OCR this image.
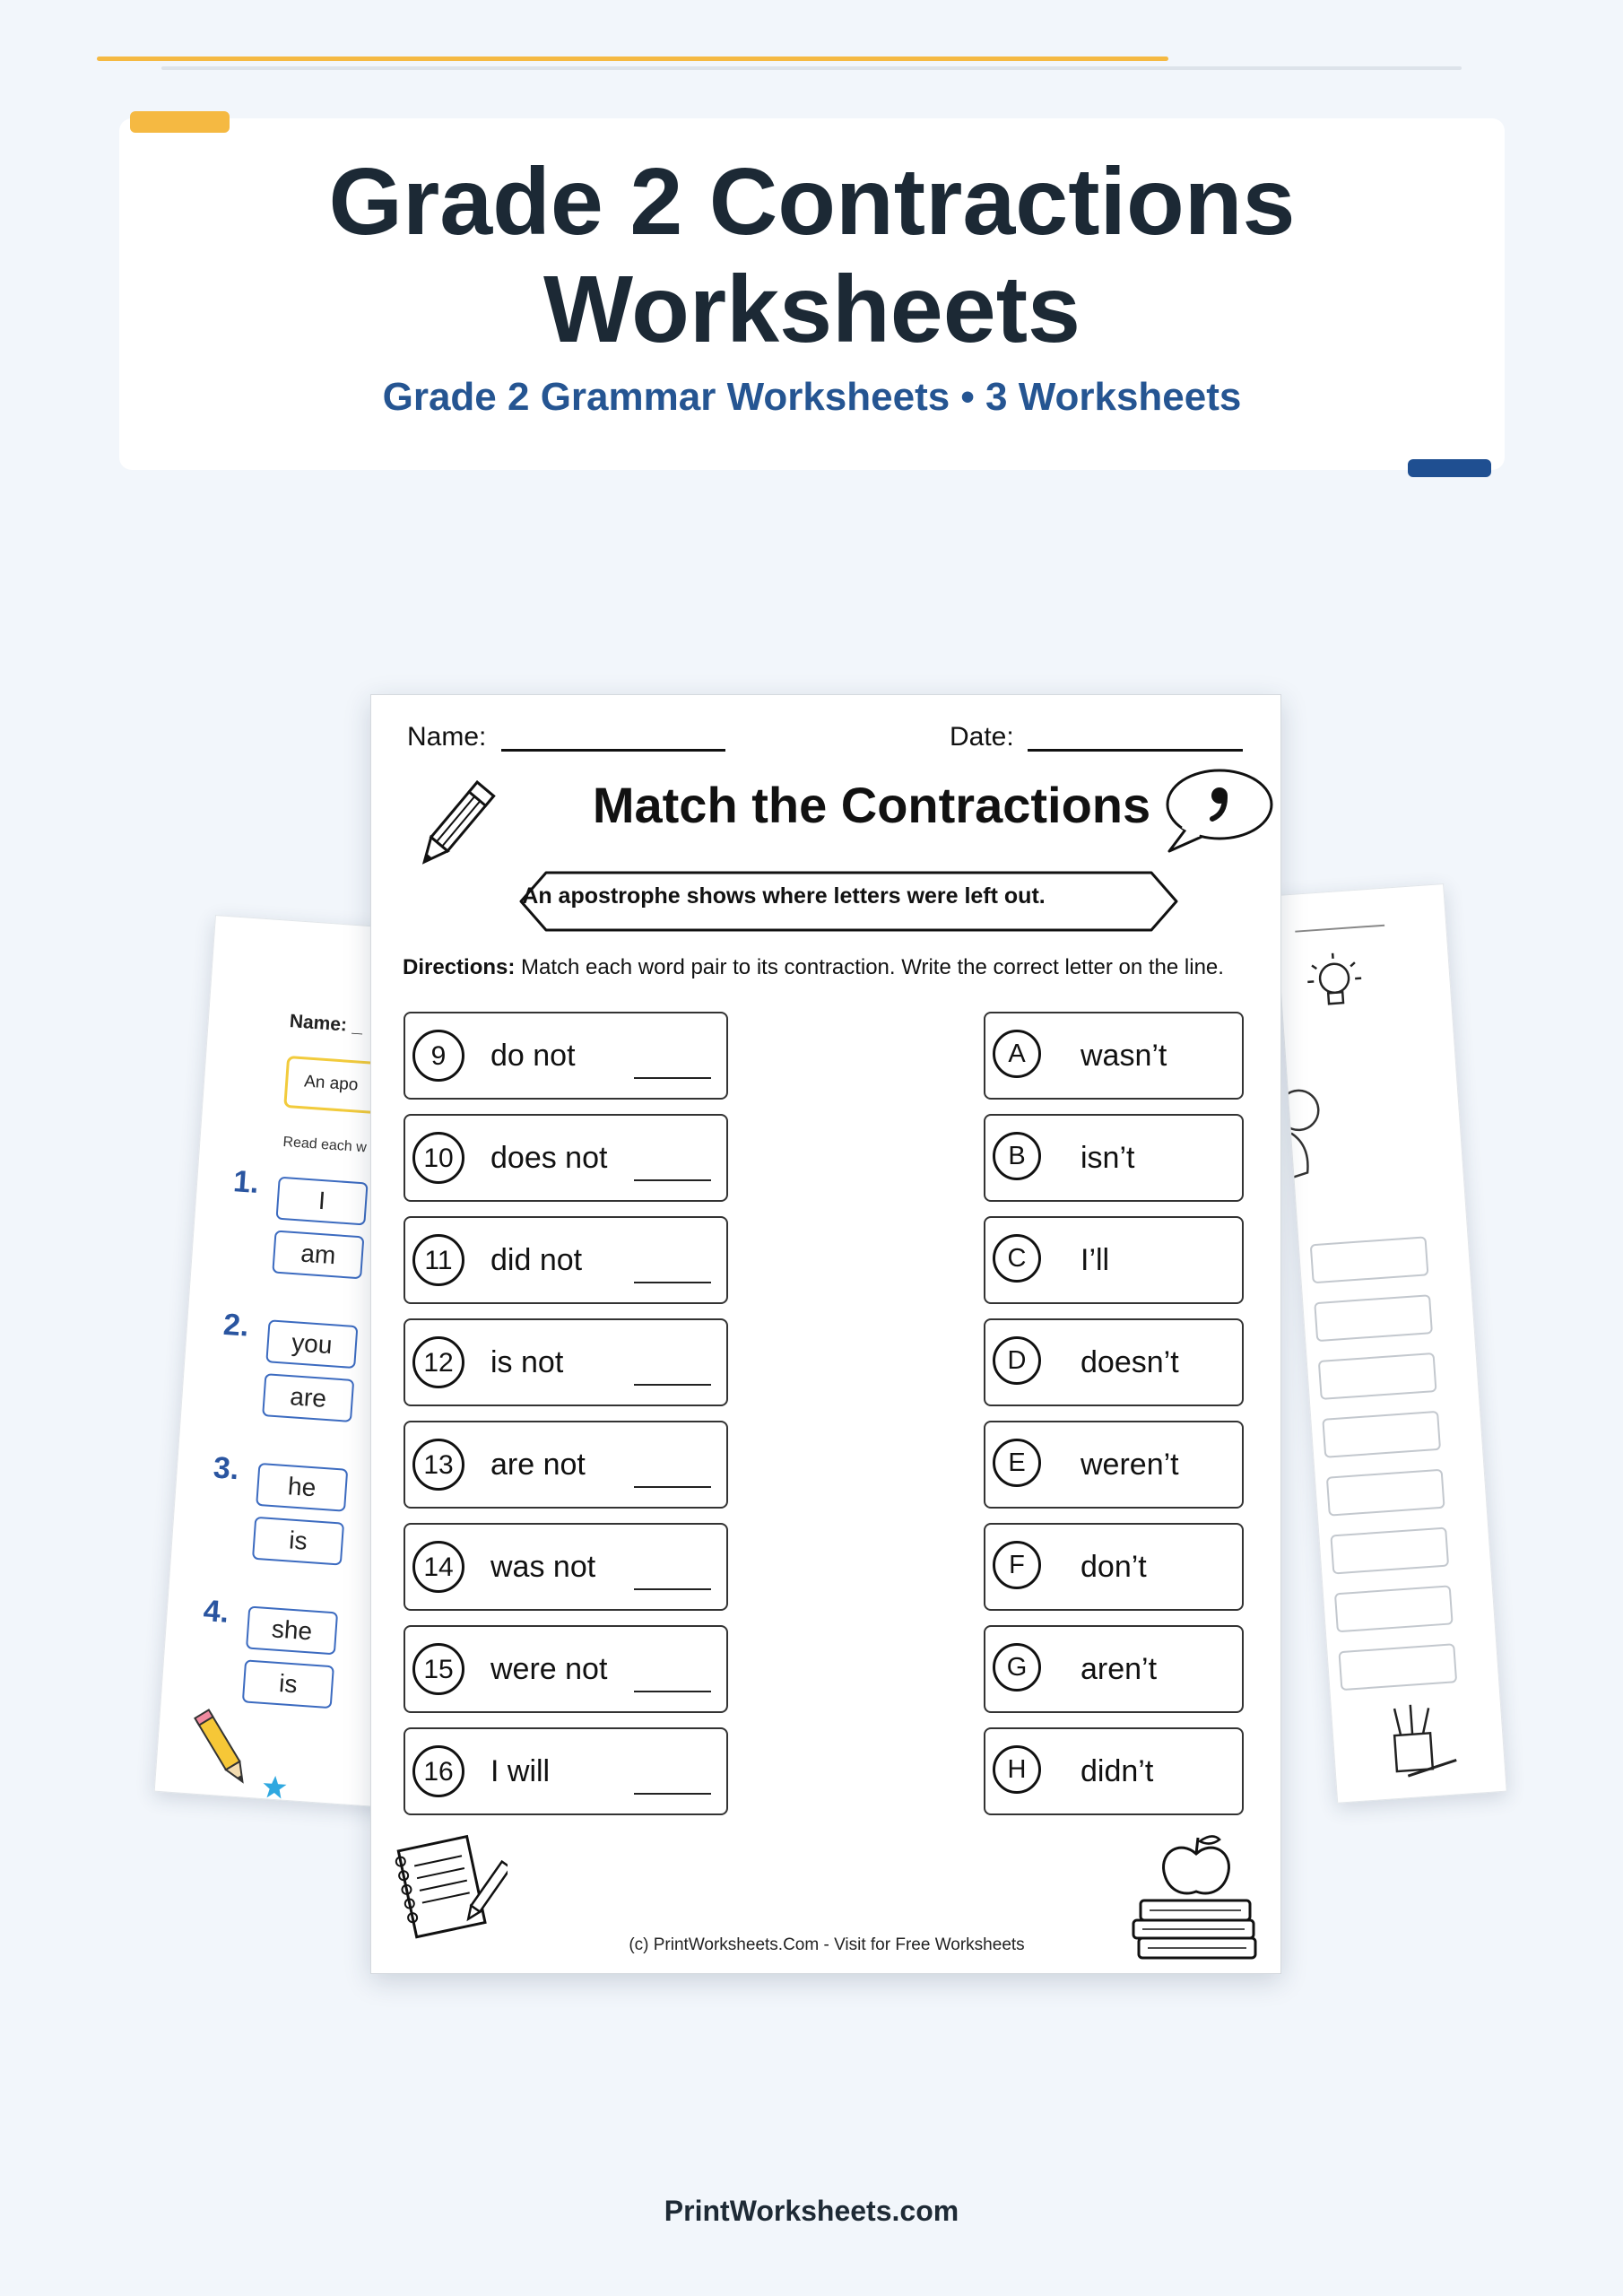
Grade 2 Contractions Worksheets
Grade 2 Grammar Worksheets • 3 Worksheets
Name: _
An apo
Read each w
1.
I
am
2.
you
are
3.
he
is
4.
she
is
Name:	Date:
Match the Contractions
An apostrophe shows where letters were left out.
Directions: Match each word pair to its contraction. Write the correct letter on the line.
9	do not
10	does not
11	did not
12	is not
13	are not
14	was not
15	were not
16	I will
A	wasn’t
B	isn’t
C	I’ll
D	doesn’t
E	weren’t
F	don’t
G	aren’t
H	didn’t
(c) PrintWorksheets.Com - Visit for Free Worksheets
PrintWorksheets.com
